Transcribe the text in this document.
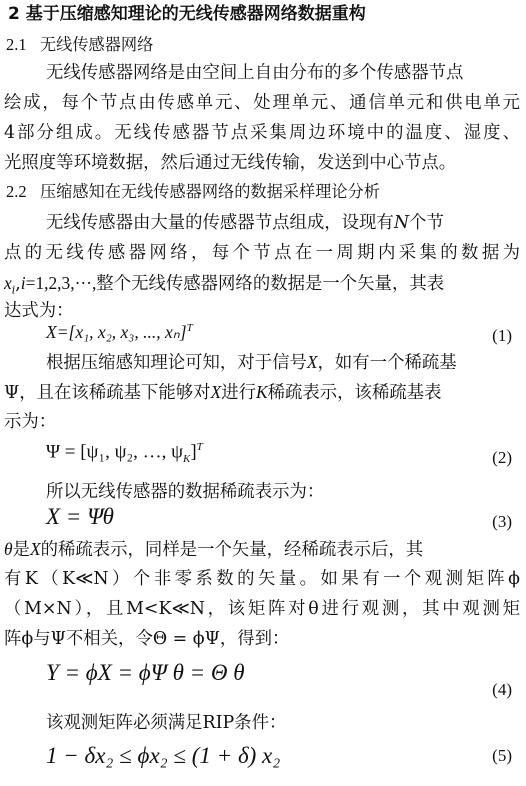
2 基于压缩感知理论的无线传感器网络数据重构
2.1 无线传感器网络
无线传感器网络是由空间上自由分布的多个传感器节点
绘成，每个节点由传感单元、处理单元、通信单元和供电单元
4部分组成。无线传感器节点采集周边环境中的温度、湿度、
光照度等环境数据，然后通过无线传输，发送到中心节点。
2.2 压缩感知在无线传感器网络的数据采样理论分析
无线传感器由大量的传感器节点组成，设现有N个节
点的无线传感器网络，每个节点在一周期内采集的数据为
$x_i,i=1,2,3,\cdot\cdot\cdot$,整个无线传感器网络的数据是一个矢量，其表
达式为：
X=[x₁, x₂, x₃, ..., xₙ]$^T$	(1)
根据压缩感知理论可知，对于信号X，如有一个稀疏基
Ψ，且在该稀疏基下能够对X进行K稀疏表示，该稀疏基表
示为：
Ψ = [ψ₁, ψ₂, …, $\psi_K]^T$
(2)
所以无线传感器的数据稀疏表示为：
X = Ψθ	(3)
θ是X的稀疏表示，同样是一个矢量，经稀疏表示后，其
有K（K≪N）个非零系数的矢量。如果有一个观测矩阵ϕ
（M×N），且M<K≪N，该矩阵对θ进行观测，其中观测矩
阵ϕ与Ψ不相关，令Θ = ϕΨ，得到：
Y = ϕX = ϕΨ θ = Θ θ
(4)
该观测矩阵必须满足RIP条件：
1 − δx₂ ≤ ϕx₂ ≤ (1 + δ) x₂	(5)
